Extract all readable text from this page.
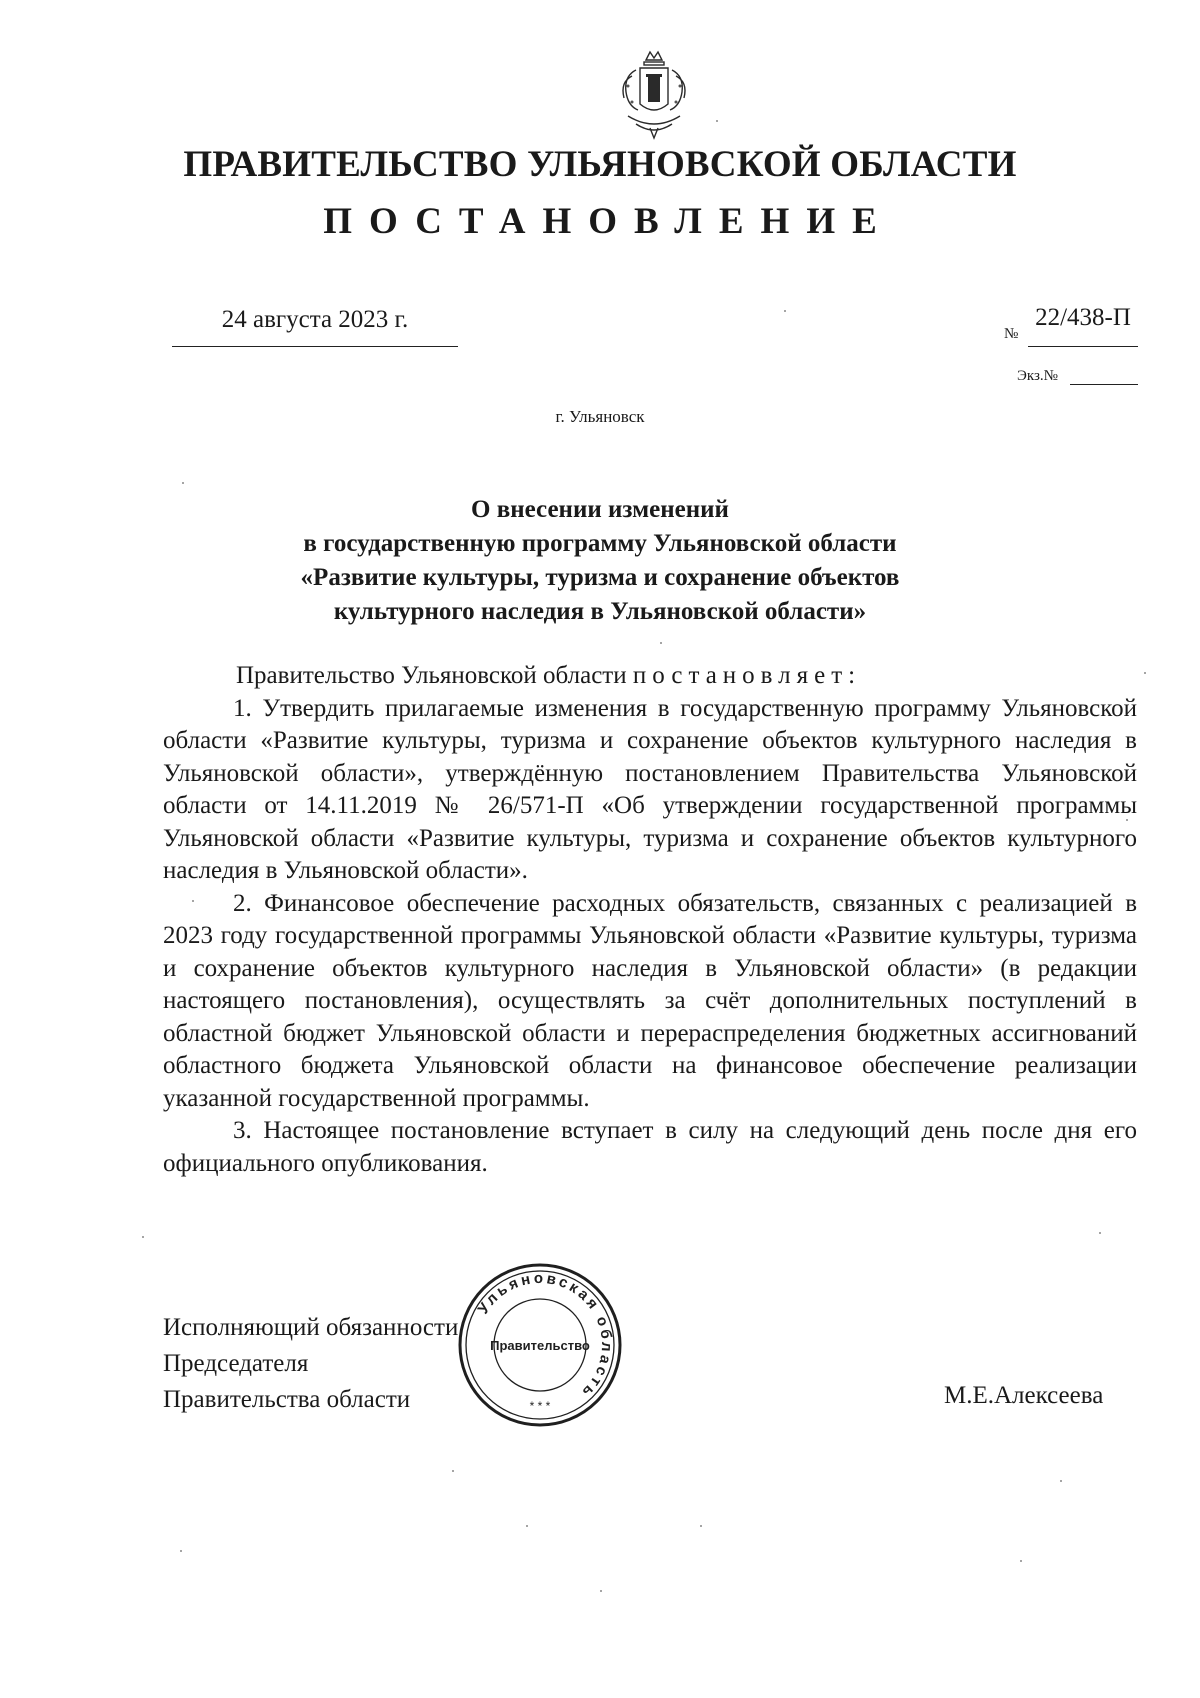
ПРАВИТЕЛЬСТВО УЛЬЯНОВСКОЙ ОБЛАСТИ
ПОСТАНОВЛЕНИЕ
24 августа 2023 г.
№
22/438-П
Экз.№
г. Ульяновск
О внесении изменений
в государственную программу Ульяновской области
«Развитие культуры, туризма и сохранение объектов
культурного наследия в Ульяновской области»

Правительство Ульяновской области постановляет:

1. Утвердить прилагаемые изменения в государственную программу Ульяновской области «Развитие культуры, туризма и сохранение объектов культурного наследия в Ульяновской области», утверждённую постановлением Правительства Ульяновской области от 14.11.2019 № 26/571-П «Об утверждении государственной программы Ульяновской области «Развитие культуры, туризма и сохранение объектов культурного наследия в Ульяновской области».

2. Финансовое обеспечение расходных обязательств, связанных с реализацией в 2023 году государственной программы Ульяновской области «Развитие культуры, туризма и сохранение объектов культурного наследия в Ульяновской области» (в редакции настоящего постановления), осуществлять за счёт дополнительных поступлений в областной бюджет Ульяновской области и перераспределения бюджетных ассигнований областного бюджета Ульяновской области на финансовое обеспечение реализации указанной государственной программы.

3. Настоящее постановление вступает в силу на следующий день после дня его официального опубликования.

Ульяновская область
Правительство
* * *
Исполняющий обязанности
Председателя
Правительства области	М.Е.Алексеева
